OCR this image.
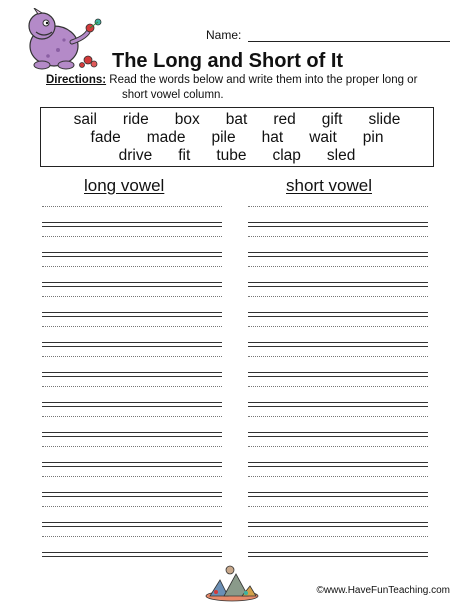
Name:
The Long and Short of It
Directions: Read the words below and write them into the proper long or
short vowel column.
sail ride box bat red gift slide
fade made pile hat wait pin
drive fit tube clap sled
long vowel	short vowel
©www.HaveFunTeaching.com
